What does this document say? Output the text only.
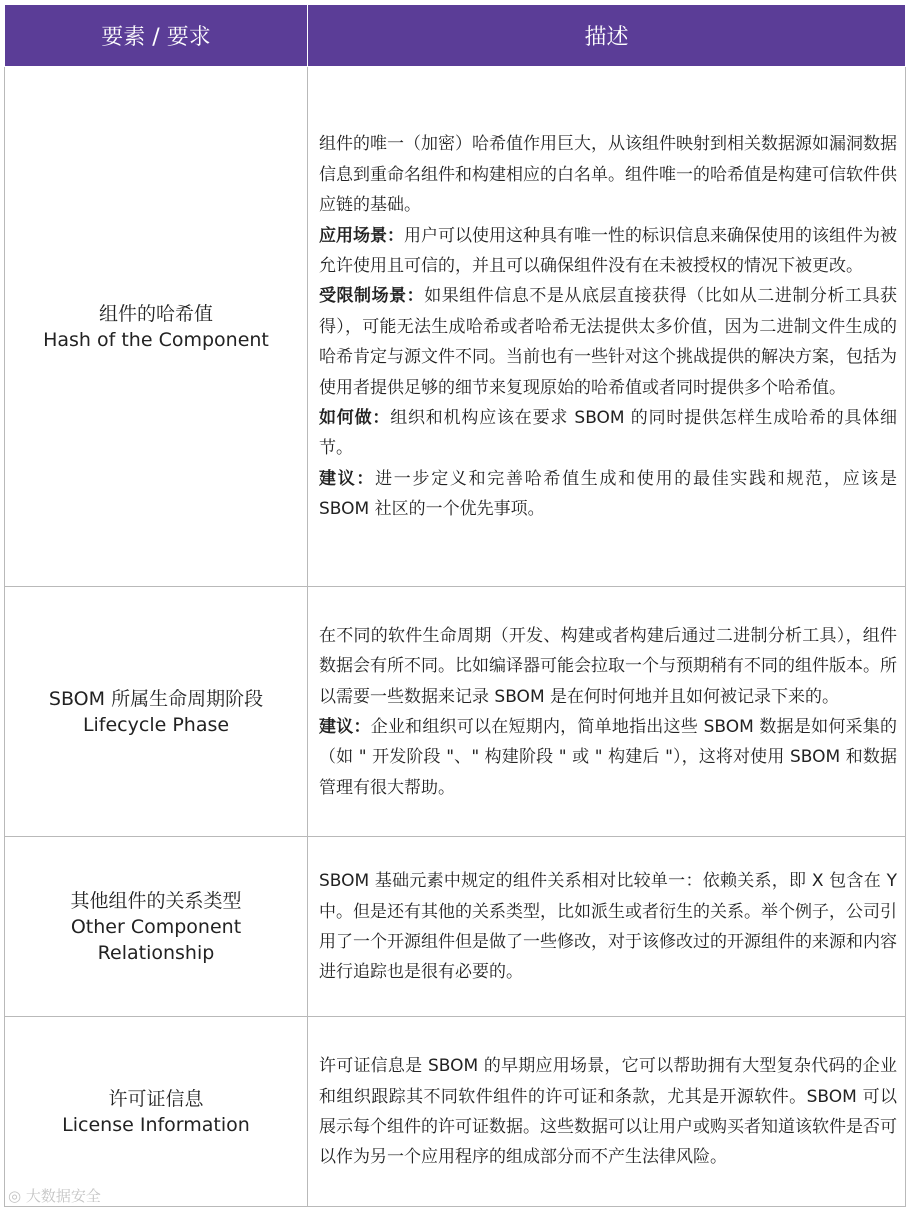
要素 / 要求	描述

组件的哈希值
Hash of the Component	组件的唯一（加密）哈希值作用巨大，从该组件映射到相关数据源如漏洞数据信息到重命名组件和构建相应的白名单。组件唯一的哈希值是构建可信软件供应链的基础。
应用场景：用户可以使用这种具有唯一性的标识信息来确保使用的该组件为被允许使用且可信的，并且可以确保组件没有在未被授权的情况下被更改。
受限制场景：如果组件信息不是从底层直接获得（比如从二进制分析工具获得），可能无法生成哈希或者哈希无法提供太多价值，因为二进制文件生成的哈希肯定与源文件不同。当前也有一些针对这个挑战提供的解决方案，包括为使用者提供足够的细节来复现原始的哈希值或者同时提供多个哈希值。
如何做：组织和机构应该在要求 SBOM 的同时提供怎样生成哈希的具体细节。
建议：进一步定义和完善哈希值生成和使用的最佳实践和规范，应该是 SBOM 社区的一个优先事项。

SBOM 所属生命周期阶段
Lifecycle Phase	在不同的软件生命周期（开发、构建或者构建后通过二进制分析工具），组件数据会有所不同。比如编译器可能会拉取一个与预期稍有不同的组件版本。所以需要一些数据来记录 SBOM 是在何时何地并且如何被记录下来的。
建议：企业和组织可以在短期内，简单地指出这些 SBOM 数据是如何采集的（如 " 开发阶段 "、" 构建阶段 " 或 " 构建后 "），这将对使用 SBOM 和数据管理有很大帮助。

其他组件的关系类型
Other Component Relationship	SBOM 基础元素中规定的组件关系相对比较单一：依赖关系，即 X 包含在 Y 中。但是还有其他的关系类型，比如派生或者衍生的关系。举个例子，公司引用了一个开源组件但是做了一些修改，对于该修改过的开源组件的来源和内容进行追踪也是很有必要的。

许可证信息
License Information	许可证信息是 SBOM 的早期应用场景，它可以帮助拥有大型复杂代码的企业和组织跟踪其不同软件组件的许可证和条款，尤其是开源软件。SBOM 可以展示每个组件的许可证数据。这些数据可以让用户或购买者知道该软件是否可以作为另一个应用程序的组成部分而不产生法律风险。
◎ 大数据安全
